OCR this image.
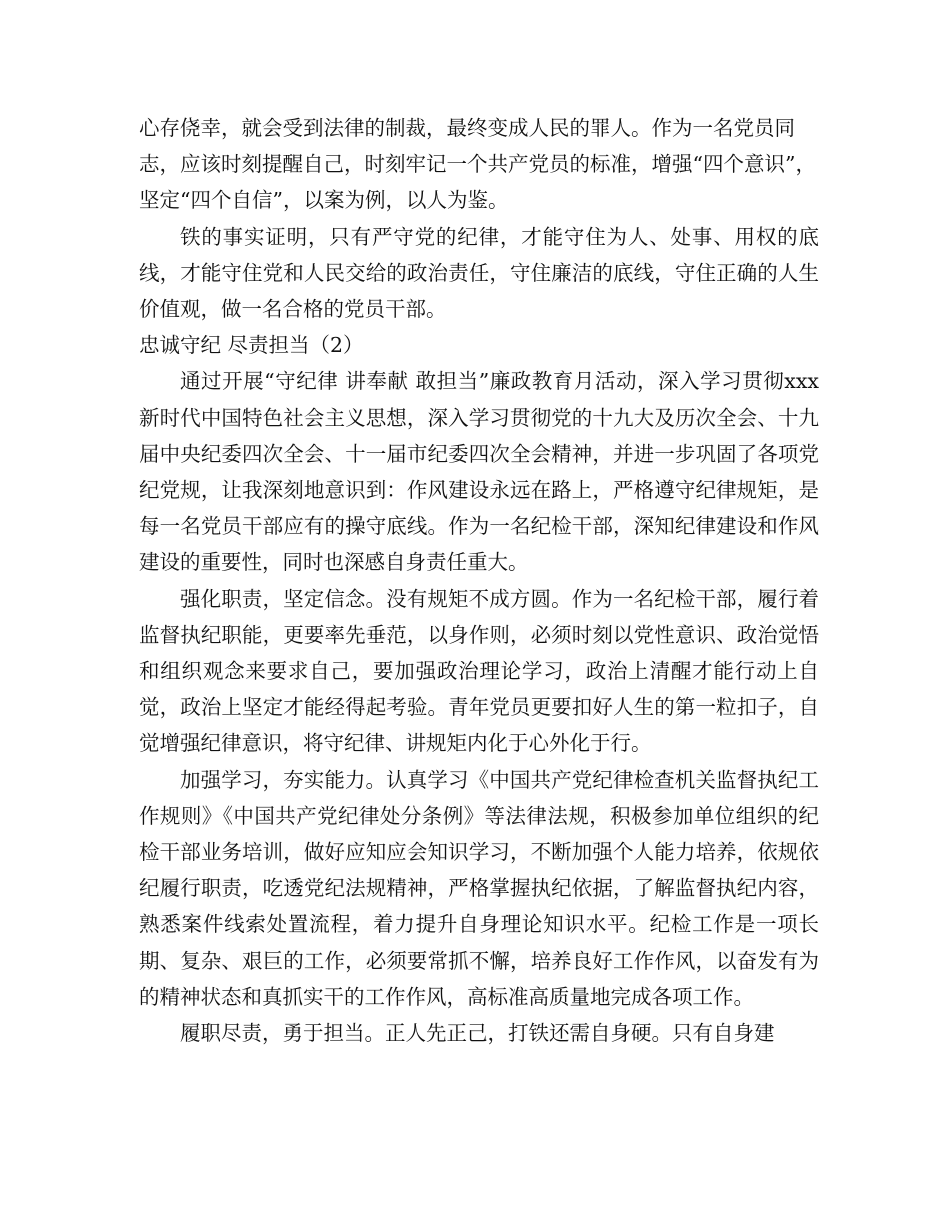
心存侥幸，就会受到法律的制裁，最终变成人民的罪人。作为一名党员同志，应该时刻提醒自己，时刻牢记一个共产党员的标准，增强“四个意识”，坚定“四个自信”，以案为例，以人为鉴。

铁的事实证明，只有严守党的纪律，才能守住为人、处事、用权的底线，才能守住党和人民交给的政治责任，守住廉洁的底线，守住正确的人生价值观，做一名合格的党员干部。

忠诚守纪 尽责担当（2）

通过开展“守纪律 讲奉献 敢担当”廉政教育月活动，深入学习贯彻xxx新时代中国特色社会主义思想，深入学习贯彻党的十九大及历次全会、十九届中央纪委四次全会、十一届市纪委四次全会精神，并进一步巩固了各项党纪党规，让我深刻地意识到：作风建设永远在路上，严格遵守纪律规矩，是每一名党员干部应有的操守底线。作为一名纪检干部，深知纪律建设和作风建设的重要性，同时也深感自身责任重大。

强化职责，坚定信念。没有规矩不成方圆。作为一名纪检干部，履行着监督执纪职能，更要率先垂范，以身作则，必须时刻以党性意识、政治觉悟和组织观念来要求自己，要加强政治理论学习，政治上清醒才能行动上自觉，政治上坚定才能经得起考验。青年党员更要扣好人生的第一粒扣子，自觉增强纪律意识，将守纪律、讲规矩内化于心外化于行。

加强学习，夯实能力。认真学习《中国共产党纪律检查机关监督执纪工作规则》《中国共产党纪律处分条例》等法律法规，积极参加单位组织的纪检干部业务培训，做好应知应会知识学习，不断加强个人能力培养，依规依纪履行职责，吃透党纪法规精神，严格掌握执纪依据，了解监督执纪内容，熟悉案件线索处置流程，着力提升自身理论知识水平。纪检工作是一项长期、复杂、艰巨的工作，必须要常抓不懈，培养良好工作作风，以奋发有为的精神状态和真抓实干的工作作风，高标准高质量地完成各项工作。

履职尽责，勇于担当。正人先正己，打铁还需自身硬。只有自身建
